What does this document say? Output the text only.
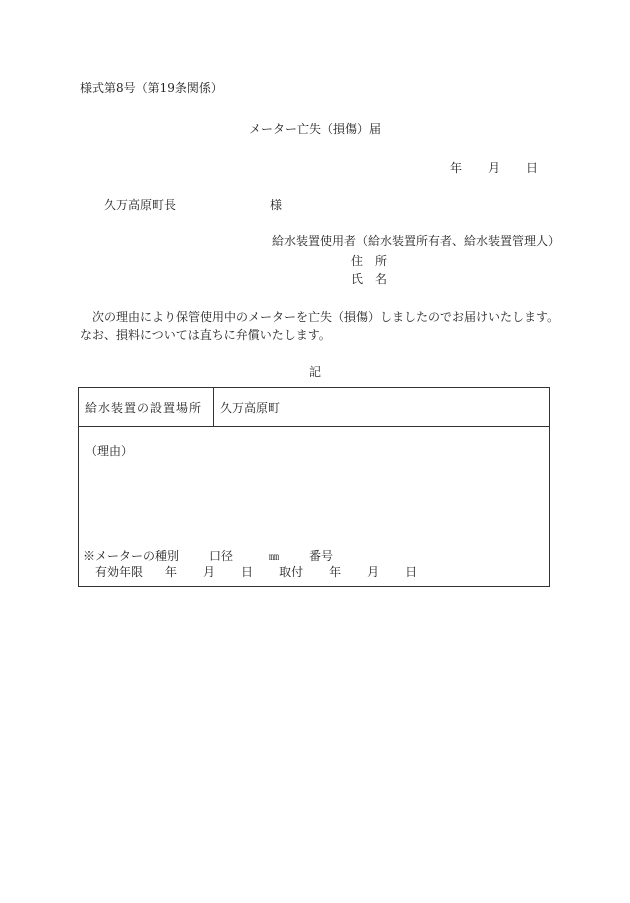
様式第8号（第19条関係）
メーター亡失（損傷）届
年 月 日
久万高原町長	様
給水装置使用者（給水装置所有者、給水装置管理人）
住 所
氏 名
次の理由により保管使用中のメーターを亡失（損傷）しましたのでお届けいたします。
なお、損料については直ちに弁償いたします。
記
給水装置の設置場所 久万高原町
（理由）
※メーターの種別	口径	㎜	番号
有効年限 年 月 日 取付 年 月 日
